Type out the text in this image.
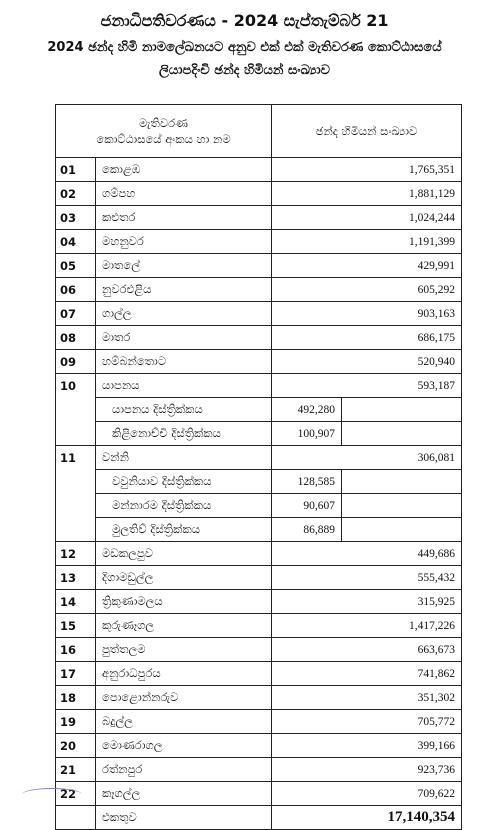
ජනාධිපතිවරණය - 2024 සැප්තැම්බර් 21
2024 ඡන්ද හිමි නාමලේඛනයට අනුව එක් එක් මැතිවරණ කොට්ඨාසයේ
ලියාපදිංචි ඡන්ද හිමියන් සංඛ්‍යාව
මැතිවරණ
කොට්ඨාසයේ අංකය හා නම		ඡන්ද හිමියන් සංඛ්‍යාව	
01	කොළඹ	1,765,351	
02	ගම්පහ	1,881,129	
03	කළුතර	1,024,244	
04	මහනුවර	1,191,399	
05	මාතලේ	429,991	
06	නුවරඑළිය	605,292	
07	ගාල්ල	903,163	
08	මාතර	686,175	
09	හම්බන්තොට	520,940	
10	යාපනය	593,187	
	යාපනය දිස්ත්‍රික්කය	492,280	
	කිළිනොච්චි දිස්ත්‍රික්කය	100,907	
11	වන්නි	306,081	
	වවුනියාව දිස්ත්‍රික්කය	128,585	
	මන්නාරම දිස්ත්‍රික්කය	90,607	
	මුලතිව් දිස්ත්‍රික්කය	86,889	
12	මඩකලපුව	449,686	
13	දිගාමඩුල්ල	555,432	
14	ත්‍රිකුණාමලය	315,925	
15	කුරුණෑගල	1,417,226	
16	පුත්තලම	663,673	
17	අනුරාධපුරය	741,862	
18	පොළොන්නරුව	351,302	
19	බදුල්ල	705,772	
20	මොණරාගල	399,166	
21	රත්නපුර	923,736	
22	කෑගල්ල	709,622	
	එකතුව	17,140,354	
